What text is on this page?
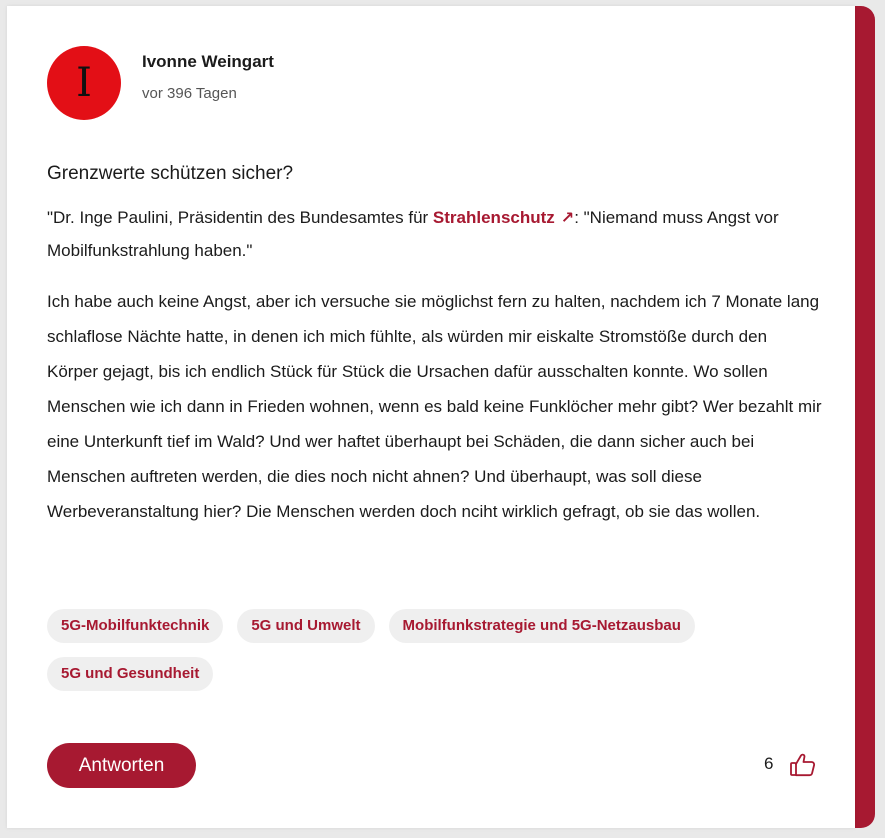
I	Ivonne Weingart
vor 396 Tagen
Grenzwerte schützen sicher?
"Dr. Inge Paulini, Präsidentin des Bundesamtes für Strahlenschutz ↗: "Niemand muss Angst vor Mobilfunkstrahlung haben."
Ich habe auch keine Angst, aber ich versuche sie möglichst fern zu halten, nachdem ich 7 Monate lang schlaflose Nächte hatte, in denen ich mich fühlte, als würden mir eiskalte Stromstöße durch den Körper gejagt, bis ich endlich Stück für Stück die Ursachen dafür ausschalten konnte. Wo sollen Menschen wie ich dann in Frieden wohnen, wenn es bald keine Funklöcher mehr gibt? Wer bezahlt mir eine Unterkunft tief im Wald? Und wer haftet überhaupt bei Schäden, die dann sicher auch bei Menschen auftreten werden, die dies noch nicht ahnen? Und überhaupt, was soll diese Werbeveranstaltung hier? Die Menschen werden doch nciht wirklich gefragt, ob sie das wollen.
5G-Mobilfunktechnik	5G und Umwelt	Mobilfunkstrategie und 5G-Netzausbau
5G und Gesundheit
Antworten	6
